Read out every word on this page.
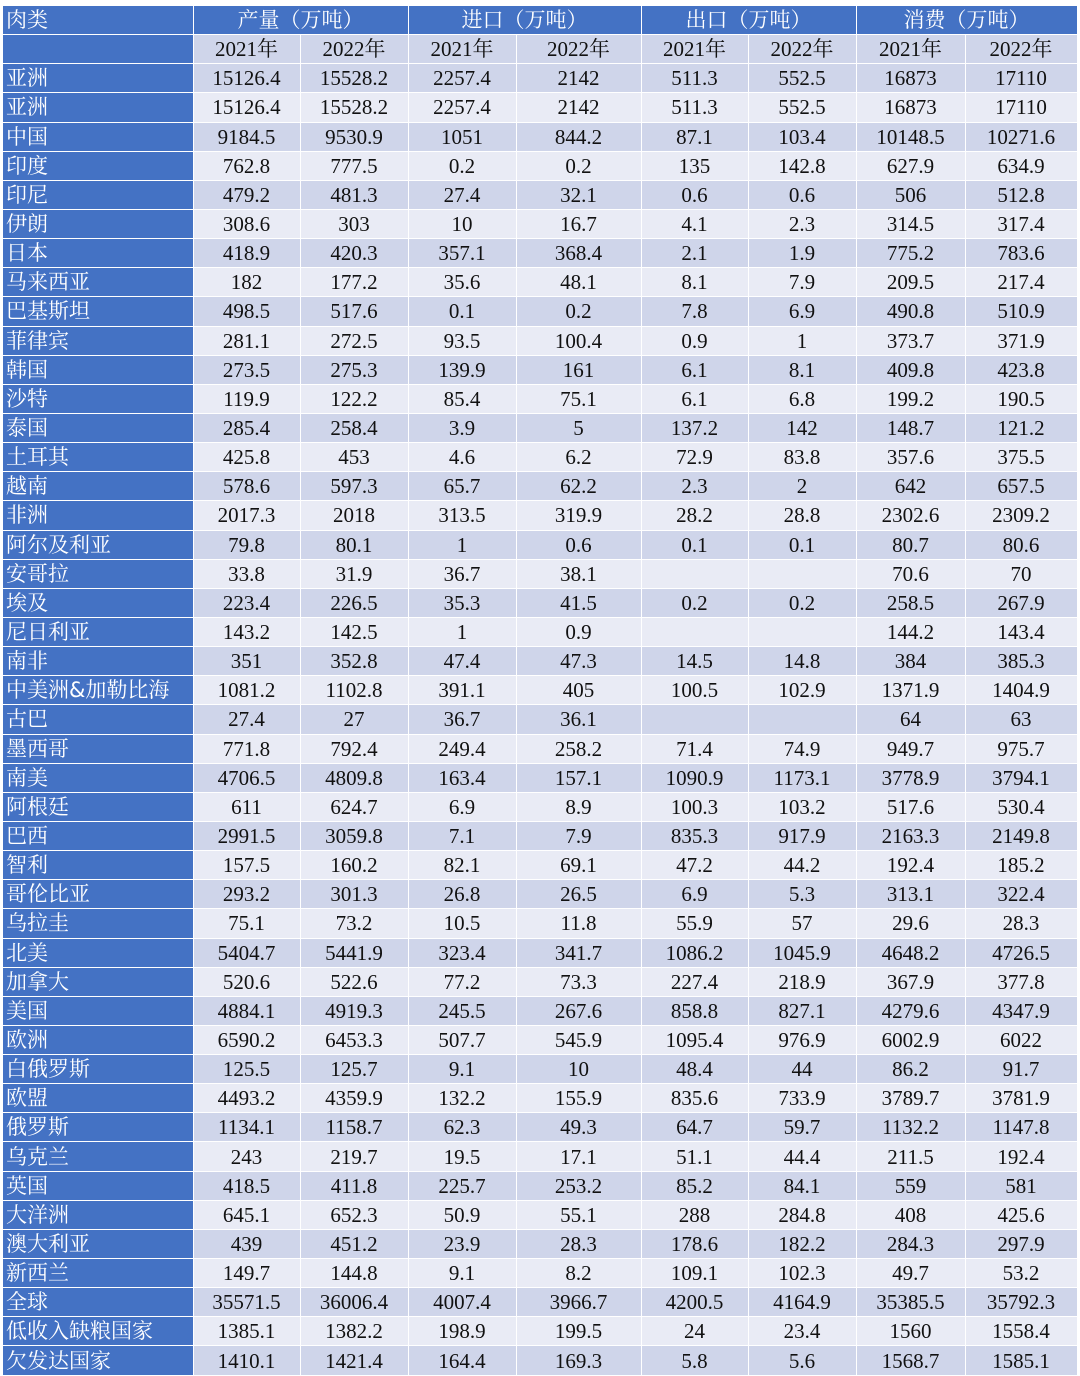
肉类	产量（万吨）		进口（万吨）		出口（万吨）		消费（万吨）	
	2021年	2022年	2021年	2022年	2021年	2022年	2021年	2022年
亚洲	15126.4	15528.2	2257.4	2142	511.3	552.5	16873	17110
亚洲	15126.4	15528.2	2257.4	2142	511.3	552.5	16873	17110
中国	9184.5	9530.9	1051	844.2	87.1	103.4	10148.5	10271.6
印度	762.8	777.5	0.2	0.2	135	142.8	627.9	634.9
印尼	479.2	481.3	27.4	32.1	0.6	0.6	506	512.8
伊朗	308.6	303	10	16.7	4.1	2.3	314.5	317.4
日本	418.9	420.3	357.1	368.4	2.1	1.9	775.2	783.6
马来西亚	182	177.2	35.6	48.1	8.1	7.9	209.5	217.4
巴基斯坦	498.5	517.6	0.1	0.2	7.8	6.9	490.8	510.9
菲律宾	281.1	272.5	93.5	100.4	0.9	1	373.7	371.9
韩国	273.5	275.3	139.9	161	6.1	8.1	409.8	423.8
沙特	119.9	122.2	85.4	75.1	6.1	6.8	199.2	190.5
泰国	285.4	258.4	3.9	5	137.2	142	148.7	121.2
土耳其	425.8	453	4.6	6.2	72.9	83.8	357.6	375.5
越南	578.6	597.3	65.7	62.2	2.3	2	642	657.5
非洲	2017.3	2018	313.5	319.9	28.2	28.8	2302.6	2309.2
阿尔及利亚	79.8	80.1	1	0.6	0.1	0.1	80.7	80.6
安哥拉	33.8	31.9	36.7	38.1			70.6	70
埃及	223.4	226.5	35.3	41.5	0.2	0.2	258.5	267.9
尼日利亚	143.2	142.5	1	0.9			144.2	143.4
南非	351	352.8	47.4	47.3	14.5	14.8	384	385.3
中美洲&加勒比海	1081.2	1102.8	391.1	405	100.5	102.9	1371.9	1404.9
古巴	27.4	27	36.7	36.1			64	63
墨西哥	771.8	792.4	249.4	258.2	71.4	74.9	949.7	975.7
南美	4706.5	4809.8	163.4	157.1	1090.9	1173.1	3778.9	3794.1
阿根廷	611	624.7	6.9	8.9	100.3	103.2	517.6	530.4
巴西	2991.5	3059.8	7.1	7.9	835.3	917.9	2163.3	2149.8
智利	157.5	160.2	82.1	69.1	47.2	44.2	192.4	185.2
哥伦比亚	293.2	301.3	26.8	26.5	6.9	5.3	313.1	322.4
乌拉圭	75.1	73.2	10.5	11.8	55.9	57	29.6	28.3
北美	5404.7	5441.9	323.4	341.7	1086.2	1045.9	4648.2	4726.5
加拿大	520.6	522.6	77.2	73.3	227.4	218.9	367.9	377.8
美国	4884.1	4919.3	245.5	267.6	858.8	827.1	4279.6	4347.9
欧洲	6590.2	6453.3	507.7	545.9	1095.4	976.9	6002.9	6022
白俄罗斯	125.5	125.7	9.1	10	48.4	44	86.2	91.7
欧盟	4493.2	4359.9	132.2	155.9	835.6	733.9	3789.7	3781.9
俄罗斯	1134.1	1158.7	62.3	49.3	64.7	59.7	1132.2	1147.8
乌克兰	243	219.7	19.5	17.1	51.1	44.4	211.5	192.4
英国	418.5	411.8	225.7	253.2	85.2	84.1	559	581
大洋洲	645.1	652.3	50.9	55.1	288	284.8	408	425.6
澳大利亚	439	451.2	23.9	28.3	178.6	182.2	284.3	297.9
新西兰	149.7	144.8	9.1	8.2	109.1	102.3	49.7	53.2
全球	35571.5	36006.4	4007.4	3966.7	4200.5	4164.9	35385.5	35792.3
低收入缺粮国家	1385.1	1382.2	198.9	199.5	24	23.4	1560	1558.4
欠发达国家	1410.1	1421.4	164.4	169.3	5.8	5.6	1568.7	1585.1
